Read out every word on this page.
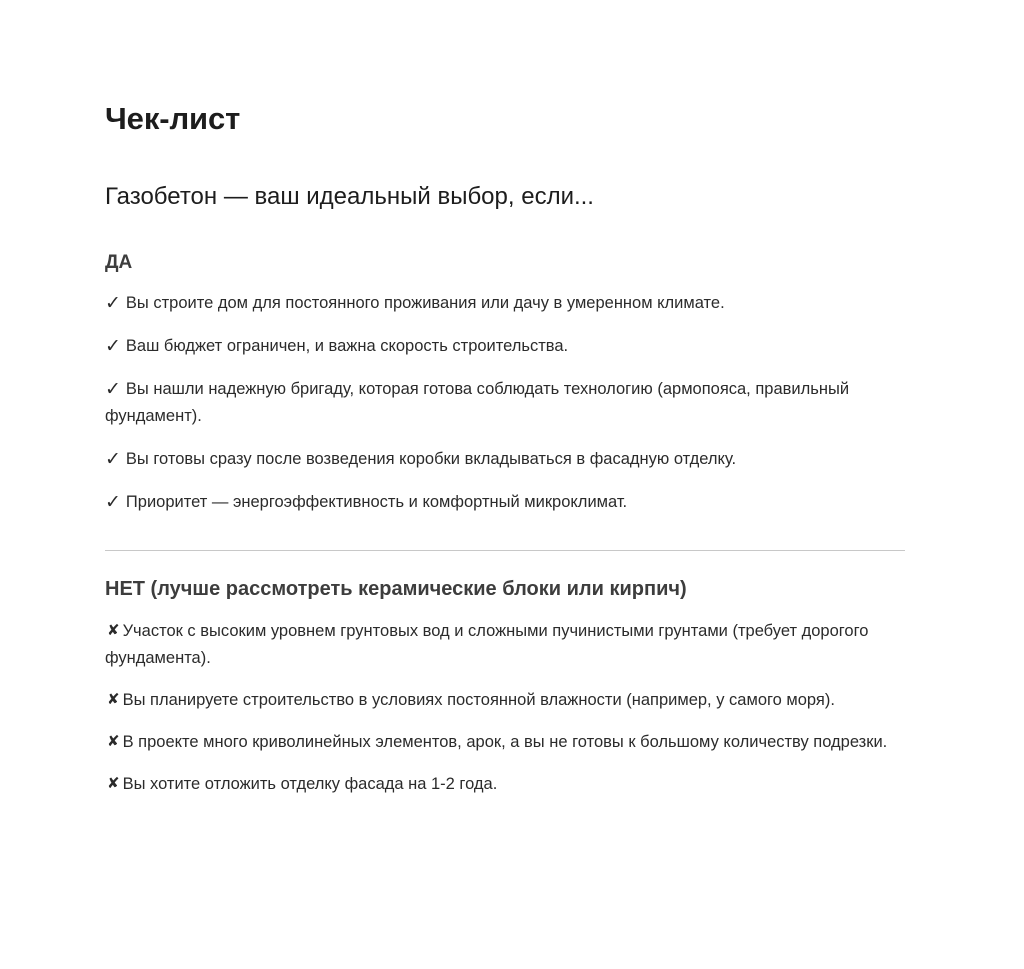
Чек-лист
Газобетон — ваш идеальный выбор, если...
ДА
✓ Вы строите дом для постоянного проживания или дачу в умеренном климате.
✓ Ваш бюджет ограничен, и важна скорость строительства.
✓ Вы нашли надежную бригаду, которая готова соблюдать технологию (армопояса, правильный фундамент).
✓ Вы готовы сразу после возведения коробки вкладываться в фасадную отделку.
✓ Приоритет — энергоэффективность и комфортный микроклимат.
НЕТ (лучше рассмотреть керамические блоки или кирпич)
✘ Участок с высоким уровнем грунтовых вод и сложными пучинистыми грунтами (требует дорогого фундамента).
✘ Вы планируете строительство в условиях постоянной влажности (например, у самого моря).
✘ В проекте много криволинейных элементов, арок, а вы не готовы к большому количеству подрезки.
✘ Вы хотите отложить отделку фасада на 1-2 года.
